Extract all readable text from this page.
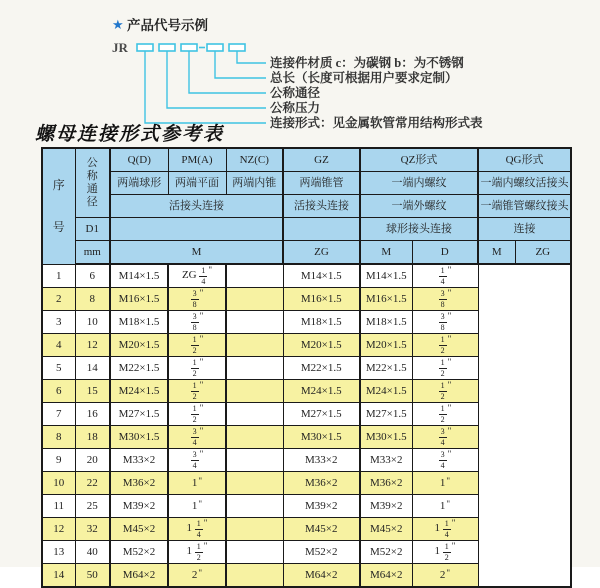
★ 产品代号示例
JR
连接件材质 c：为碳钢 b：为不锈钢
总长（长度可根据用户要求定制）
公称通径
公称压力
连接形式：见金属软管常用结构形式表
螺母连接形式参考表
序
号	公
称
通
径	Q(D)	PM(A)	NZ(C)	GZ	QZ形式		QG形式	
		两端球形	两端平面	两端内锥	两端锥管	一端内螺纹		一端内螺纹活接头	
		活接头连接			活接头连接	一端外螺纹		一端锥管螺纹接头	
	D1					球形接头连接		连接	
	mm	M			ZG	M	D	M	ZG
1	6	M14×1.5	ZG $\frac{1}{4} ^"$		M14×1.5	M14×1.5	$\frac{1}{4} ^"$
2	8	M16×1.5	$\frac{3}{8} ^"$		M16×1.5	M16×1.5	$\frac{3}{8} ^"$
3	10	M18×1.5	$\frac{3}{8} ^"$		M18×1.5	M18×1.5	$\frac{3}{8} ^"$
4	12	M20×1.5	$\frac{1}{2} ^"$		M20×1.5	M20×1.5	$\frac{1}{2} ^"$
5	14	M22×1.5	$\frac{1}{2} ^"$		M22×1.5	M22×1.5	$\frac{1}{2} ^"$
6	15	M24×1.5	$\frac{1}{2} ^"$		M24×1.5	M24×1.5	$\frac{1}{2} ^"$
7	16	M27×1.5	$\frac{1}{2} ^"$		M27×1.5	M27×1.5	$\frac{1}{2} ^"$
8	18	M30×1.5	$\frac{3}{4} ^"$		M30×1.5	M30×1.5	$\frac{3}{4} ^"$
9	20	M33×2	$\frac{3}{4} ^"$		M33×2	M33×2	$\frac{3}{4} ^"$
10	22	M36×2	1"		M36×2	M36×2	1"
11	25	M39×2	1"		M39×2	M39×2	1"
12	32	M45×2	$1 \frac{1}{4} ^"$		M45×2	M45×2	$1 \frac{1}{4} ^"$
13	40	M52×2	$1 \frac{1}{2} ^"$		M52×2	M52×2	$1 \frac{1}{2} ^"$
14	50	M64×2	2"		M64×2	M64×2	2"
